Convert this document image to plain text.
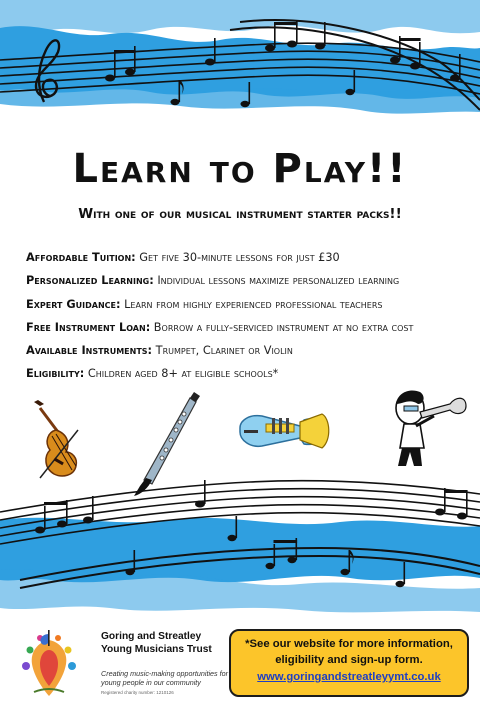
Learn to Play!!
With one of our musical instrument starter packs!!
Affordable Tuition: Get five 30-minute lessons for just £30
Personalized Learning: Individual lessons maximize personalized learning
Expert Guidance: Learn from highly experienced professional teachers
Free Instrument Loan: Borrow a fully-serviced instrument at no extra cost
Available Instruments: Trumpet, Clarinet or Violin
Eligibility: Children aged 8+ at eligible schools*
Goring and Streatley Young Musicians Trust
Creating music-making opportunities for young people in our community
Registered charity number: 1210126
*See our website for more information, eligibility and sign-up form.
www.goringandstreatleyymt.co.uk
